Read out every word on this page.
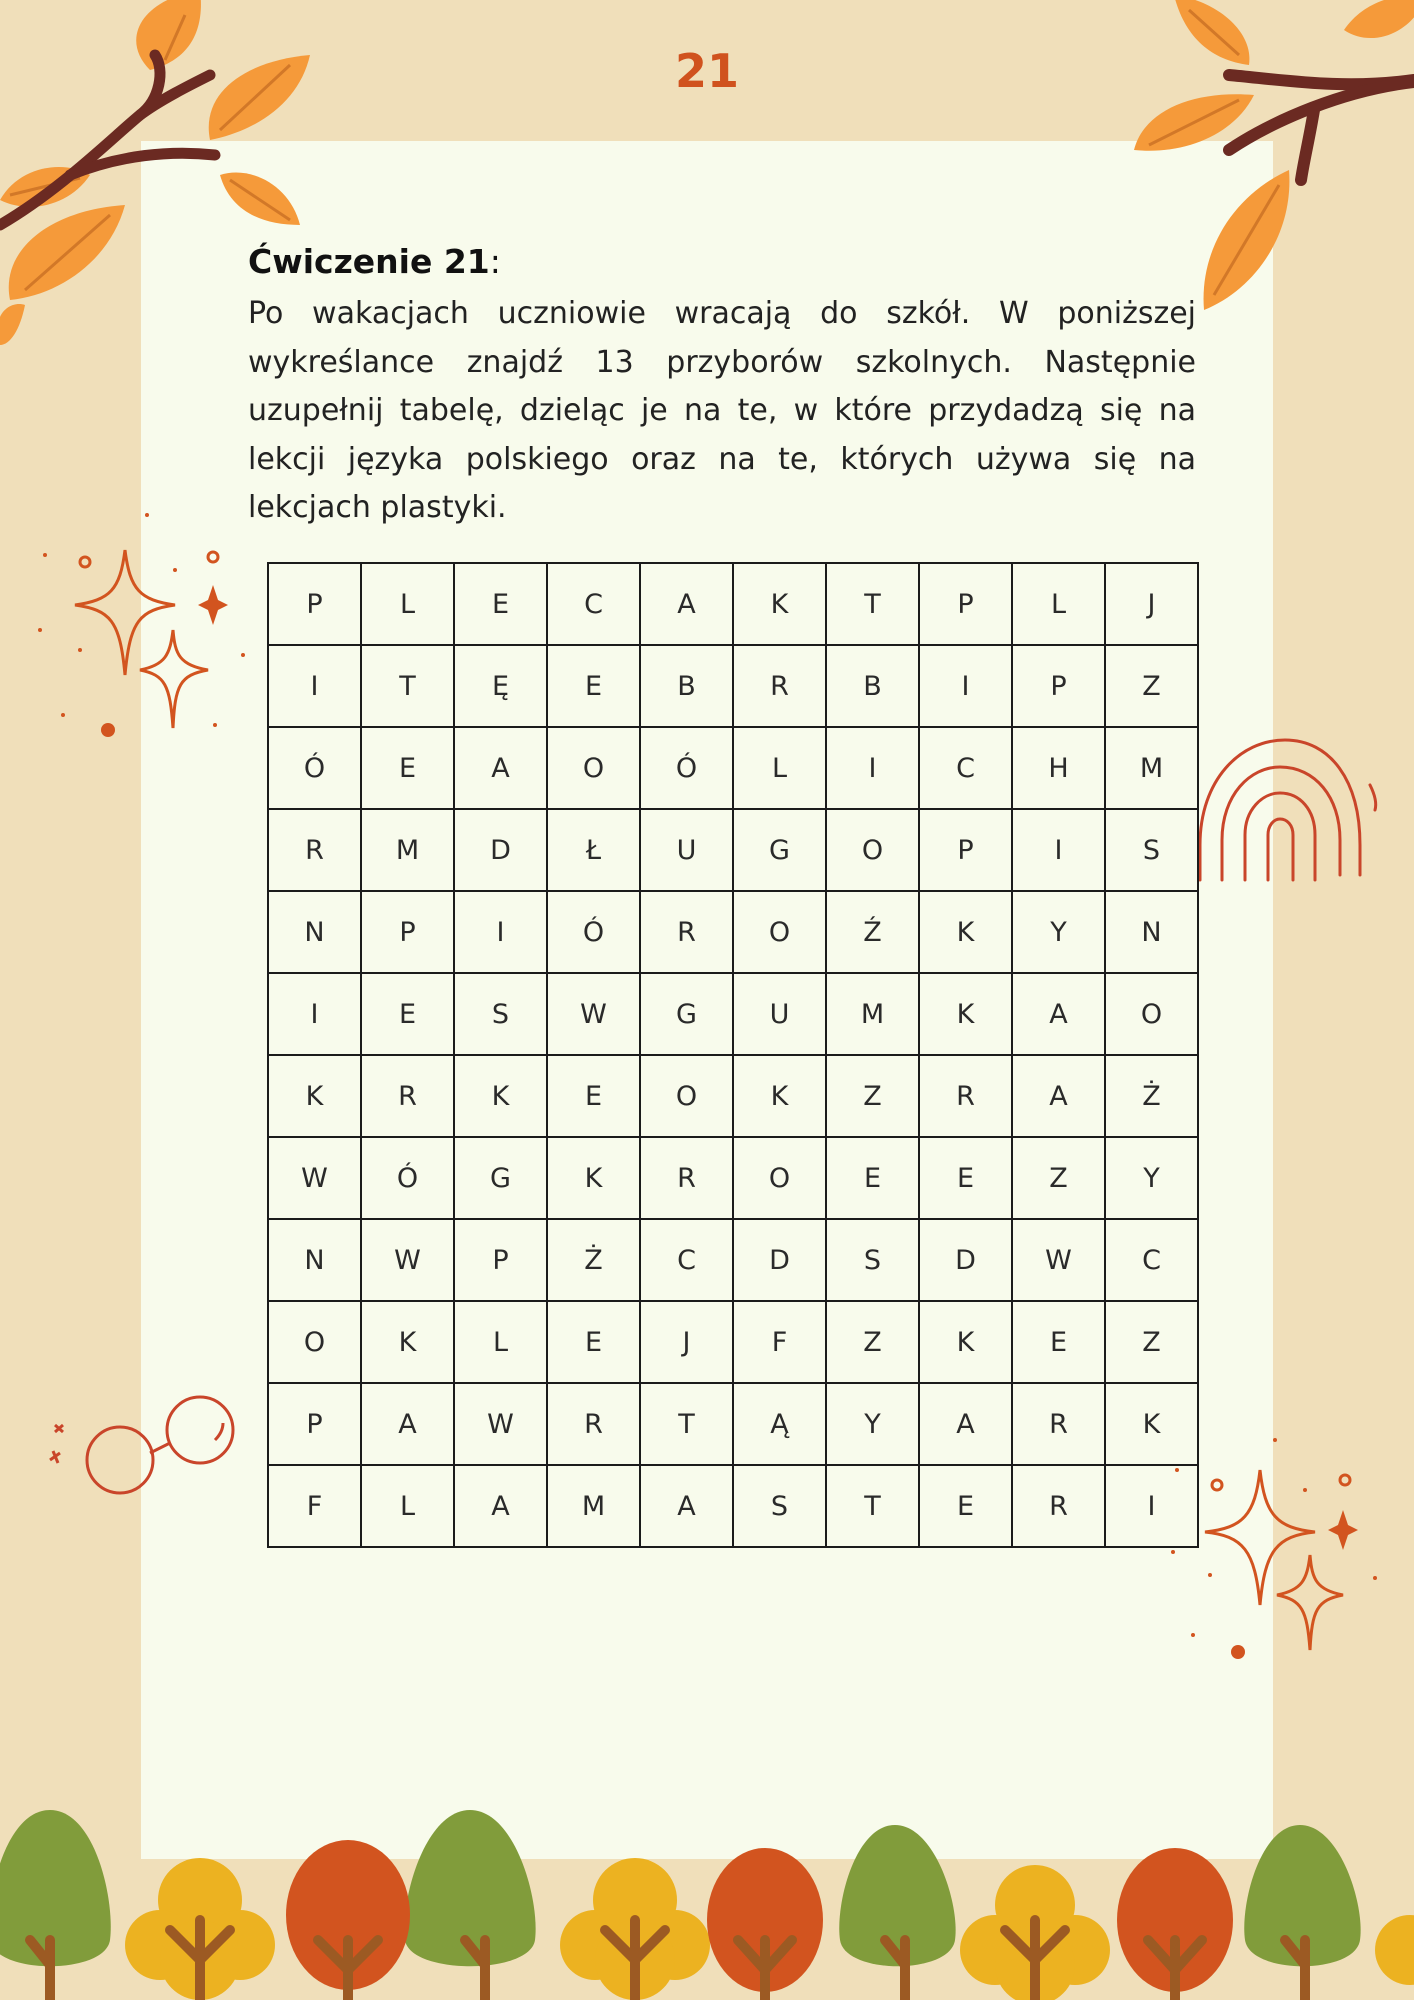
21
Ćwiczenie 21:
Po wakacjach uczniowie wracają do szkół. W poniższej wykreślance znajdź 13 przyborów szkolnych. Następnie uzupełnij tabelę, dzieląc je na te, w które przydadzą się na lekcji języka polskiego oraz na te, których używa się na lekcjach plastyki.
P	L	E	C	A	K	T	P	L	J
I	T	Ę	E	B	R	B	I	P	Z
Ó	E	A	O	Ó	L	I	C	H	M
R	M	D	Ł	U	G	O	P	I	S
N	P	I	Ó	R	O	Ź	K	Y	N
I	E	S	W	G	U	M	K	A	O
K	R	K	E	O	K	Z	R	A	Ż
W	Ó	G	K	R	O	E	E	Z	Y
N	W	P	Ż	C	D	S	D	W	C
O	K	L	E	J	F	Z	K	E	Z
P	A	W	R	T	Ą	Y	A	R	K
F	L	A	M	A	S	T	E	R	I
